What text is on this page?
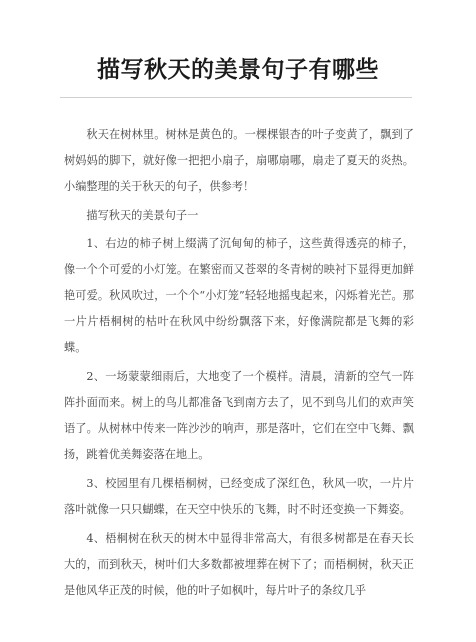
描写秋天的美景句子有哪些

秋天在树林里。树林是黄色的。一棵棵银杏的叶子变黄了，飘到了树妈妈的脚下，就好像一把把小扇子，扇哪扇哪，扇走了夏天的炎热。小编整理的关于秋天的句子，供参考！

描写秋天的美景句子一

1、右边的柿子树上缀满了沉甸甸的柿子，这些黄得透亮的柿子，像一个个可爱的小灯笼。在繁密而又苍翠的冬青树的映衬下显得更加鲜艳可爱。秋风吹过，一个个“小灯笼”轻轻地摇曳起来，闪烁着光芒。那一片片梧桐树的枯叶在秋风中纷纷飘落下来，好像满院都是飞舞的彩蝶。

2、一场蒙蒙细雨后，大地变了一个模样。清晨，清新的空气一阵阵扑面而来。树上的鸟儿都准备飞到南方去了，见不到鸟儿们的欢声笑语了。从树林中传来一阵沙沙的响声，那是落叶，它们在空中飞舞、飘扬，跳着优美舞姿落在地上。

3、校园里有几棵梧桐树，已经变成了深红色，秋风一吹，一片片落叶就像一只只蝴蝶，在天空中快乐的飞舞，时不时还变换一下舞姿。

4、梧桐树在秋天的树木中显得非常高大，有很多树都是在春天长大的，而到秋天，树叶们大多数都被埋葬在树下了；而梧桐树，秋天正是他风华正茂的时候，他的叶子如枫叶，每片叶子的条纹几乎
